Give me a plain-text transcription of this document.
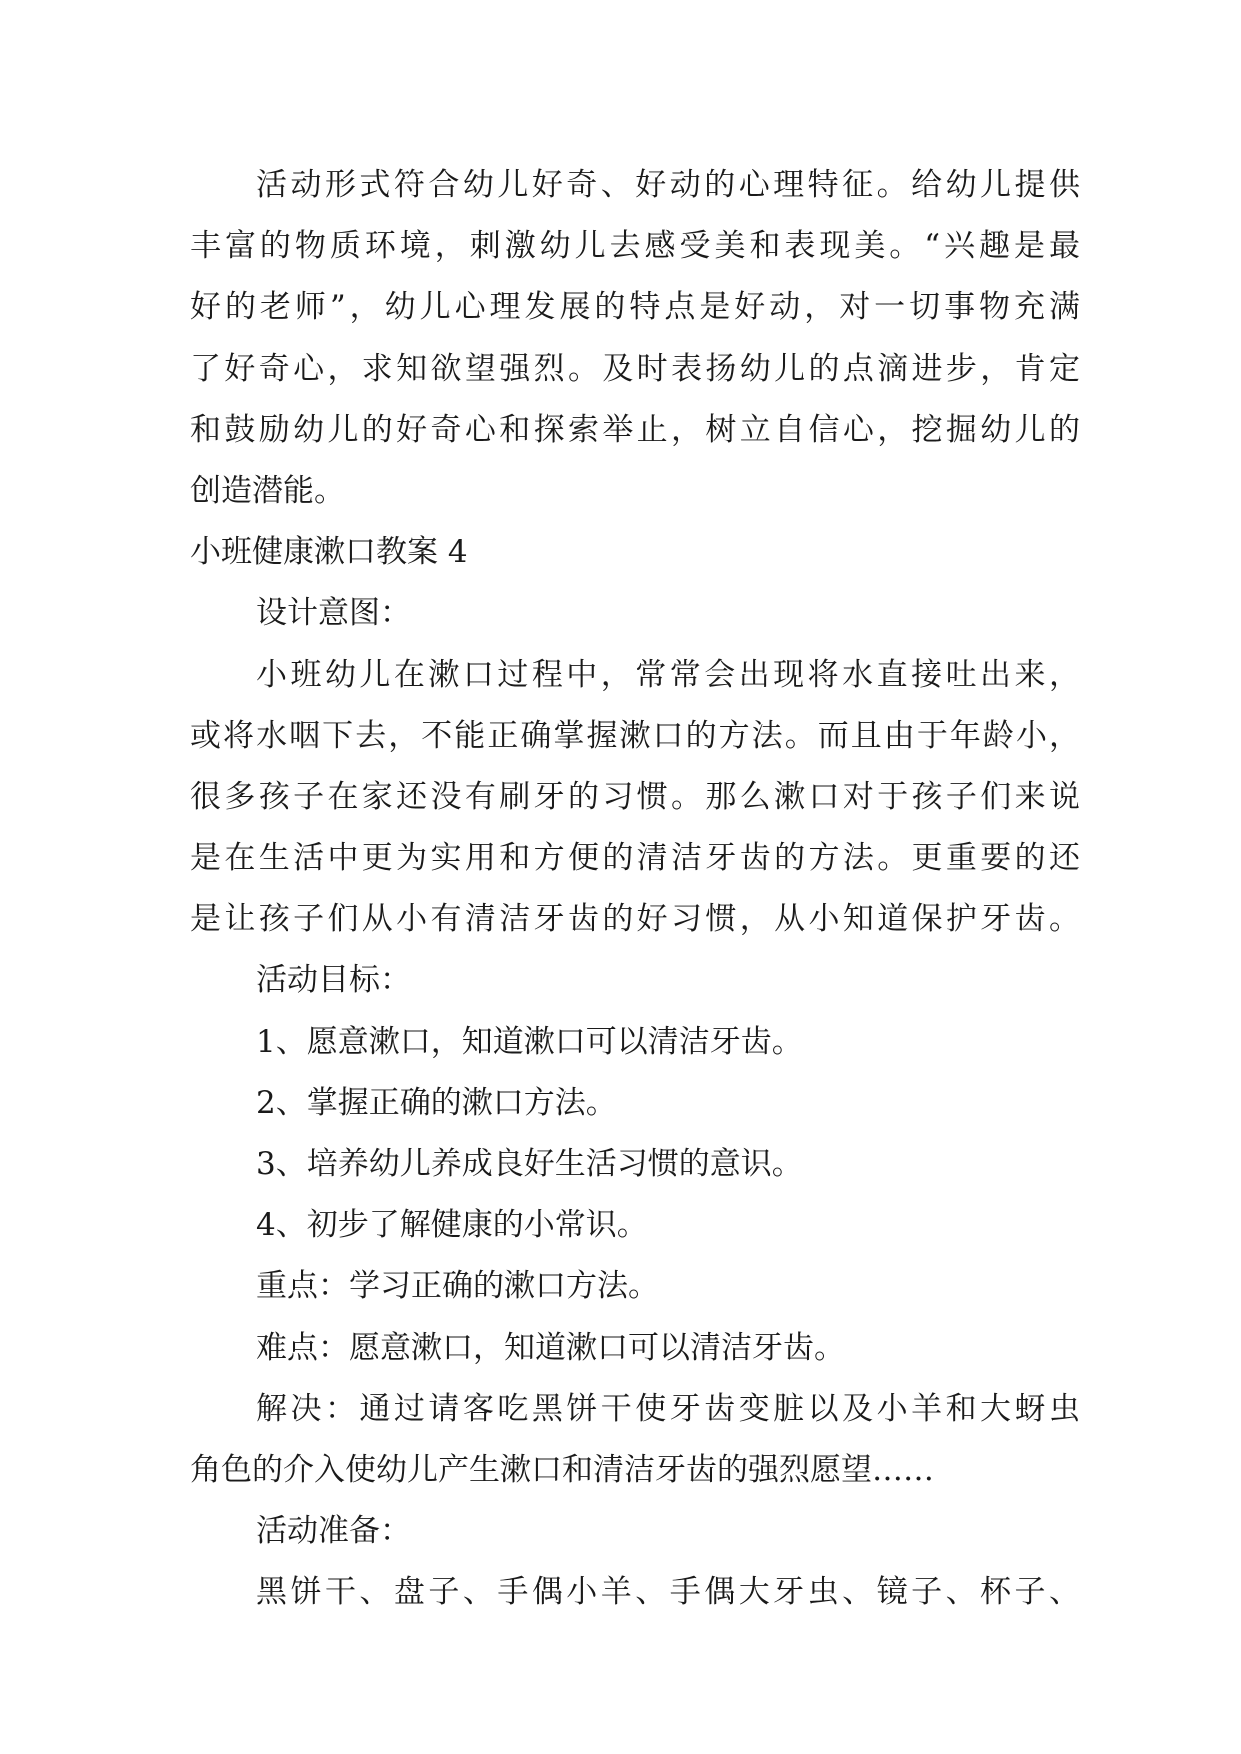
活动形式符合幼儿好奇、好动的心理特征。给幼儿提供
丰富的物质环境，刺激幼儿去感受美和表现美。“兴趣是最
好的老师”，幼儿心理发展的特点是好动，对一切事物充满
了好奇心，求知欲望强烈。及时表扬幼儿的点滴进步，肯定
和鼓励幼儿的好奇心和探索举止，树立自信心，挖掘幼儿的
创造潜能。
小班健康漱口教案 4
设计意图：
小班幼儿在漱口过程中，常常会出现将水直接吐出来，
或将水咽下去，不能正确掌握漱口的方法。而且由于年龄小，
很多孩子在家还没有刷牙的习惯。那么漱口对于孩子们来说
是在生活中更为实用和方便的清洁牙齿的方法。更重要的还
是让孩子们从小有清洁牙齿的好习惯，从小知道保护牙齿。
活动目标：
1、愿意漱口，知道漱口可以清洁牙齿。
2、掌握正确的漱口方法。
3、培养幼儿养成良好生活习惯的意识。
4、初步了解健康的小常识。
重点：学习正确的漱口方法。
难点：愿意漱口，知道漱口可以清洁牙齿。
解决：通过请客吃黑饼干使牙齿变脏以及小羊和大蚜虫
角色的介入使幼儿产生漱口和清洁牙齿的强烈愿望……
活动准备：
黑饼干、盘子、手偶小羊、手偶大牙虫、镜子、杯子、
